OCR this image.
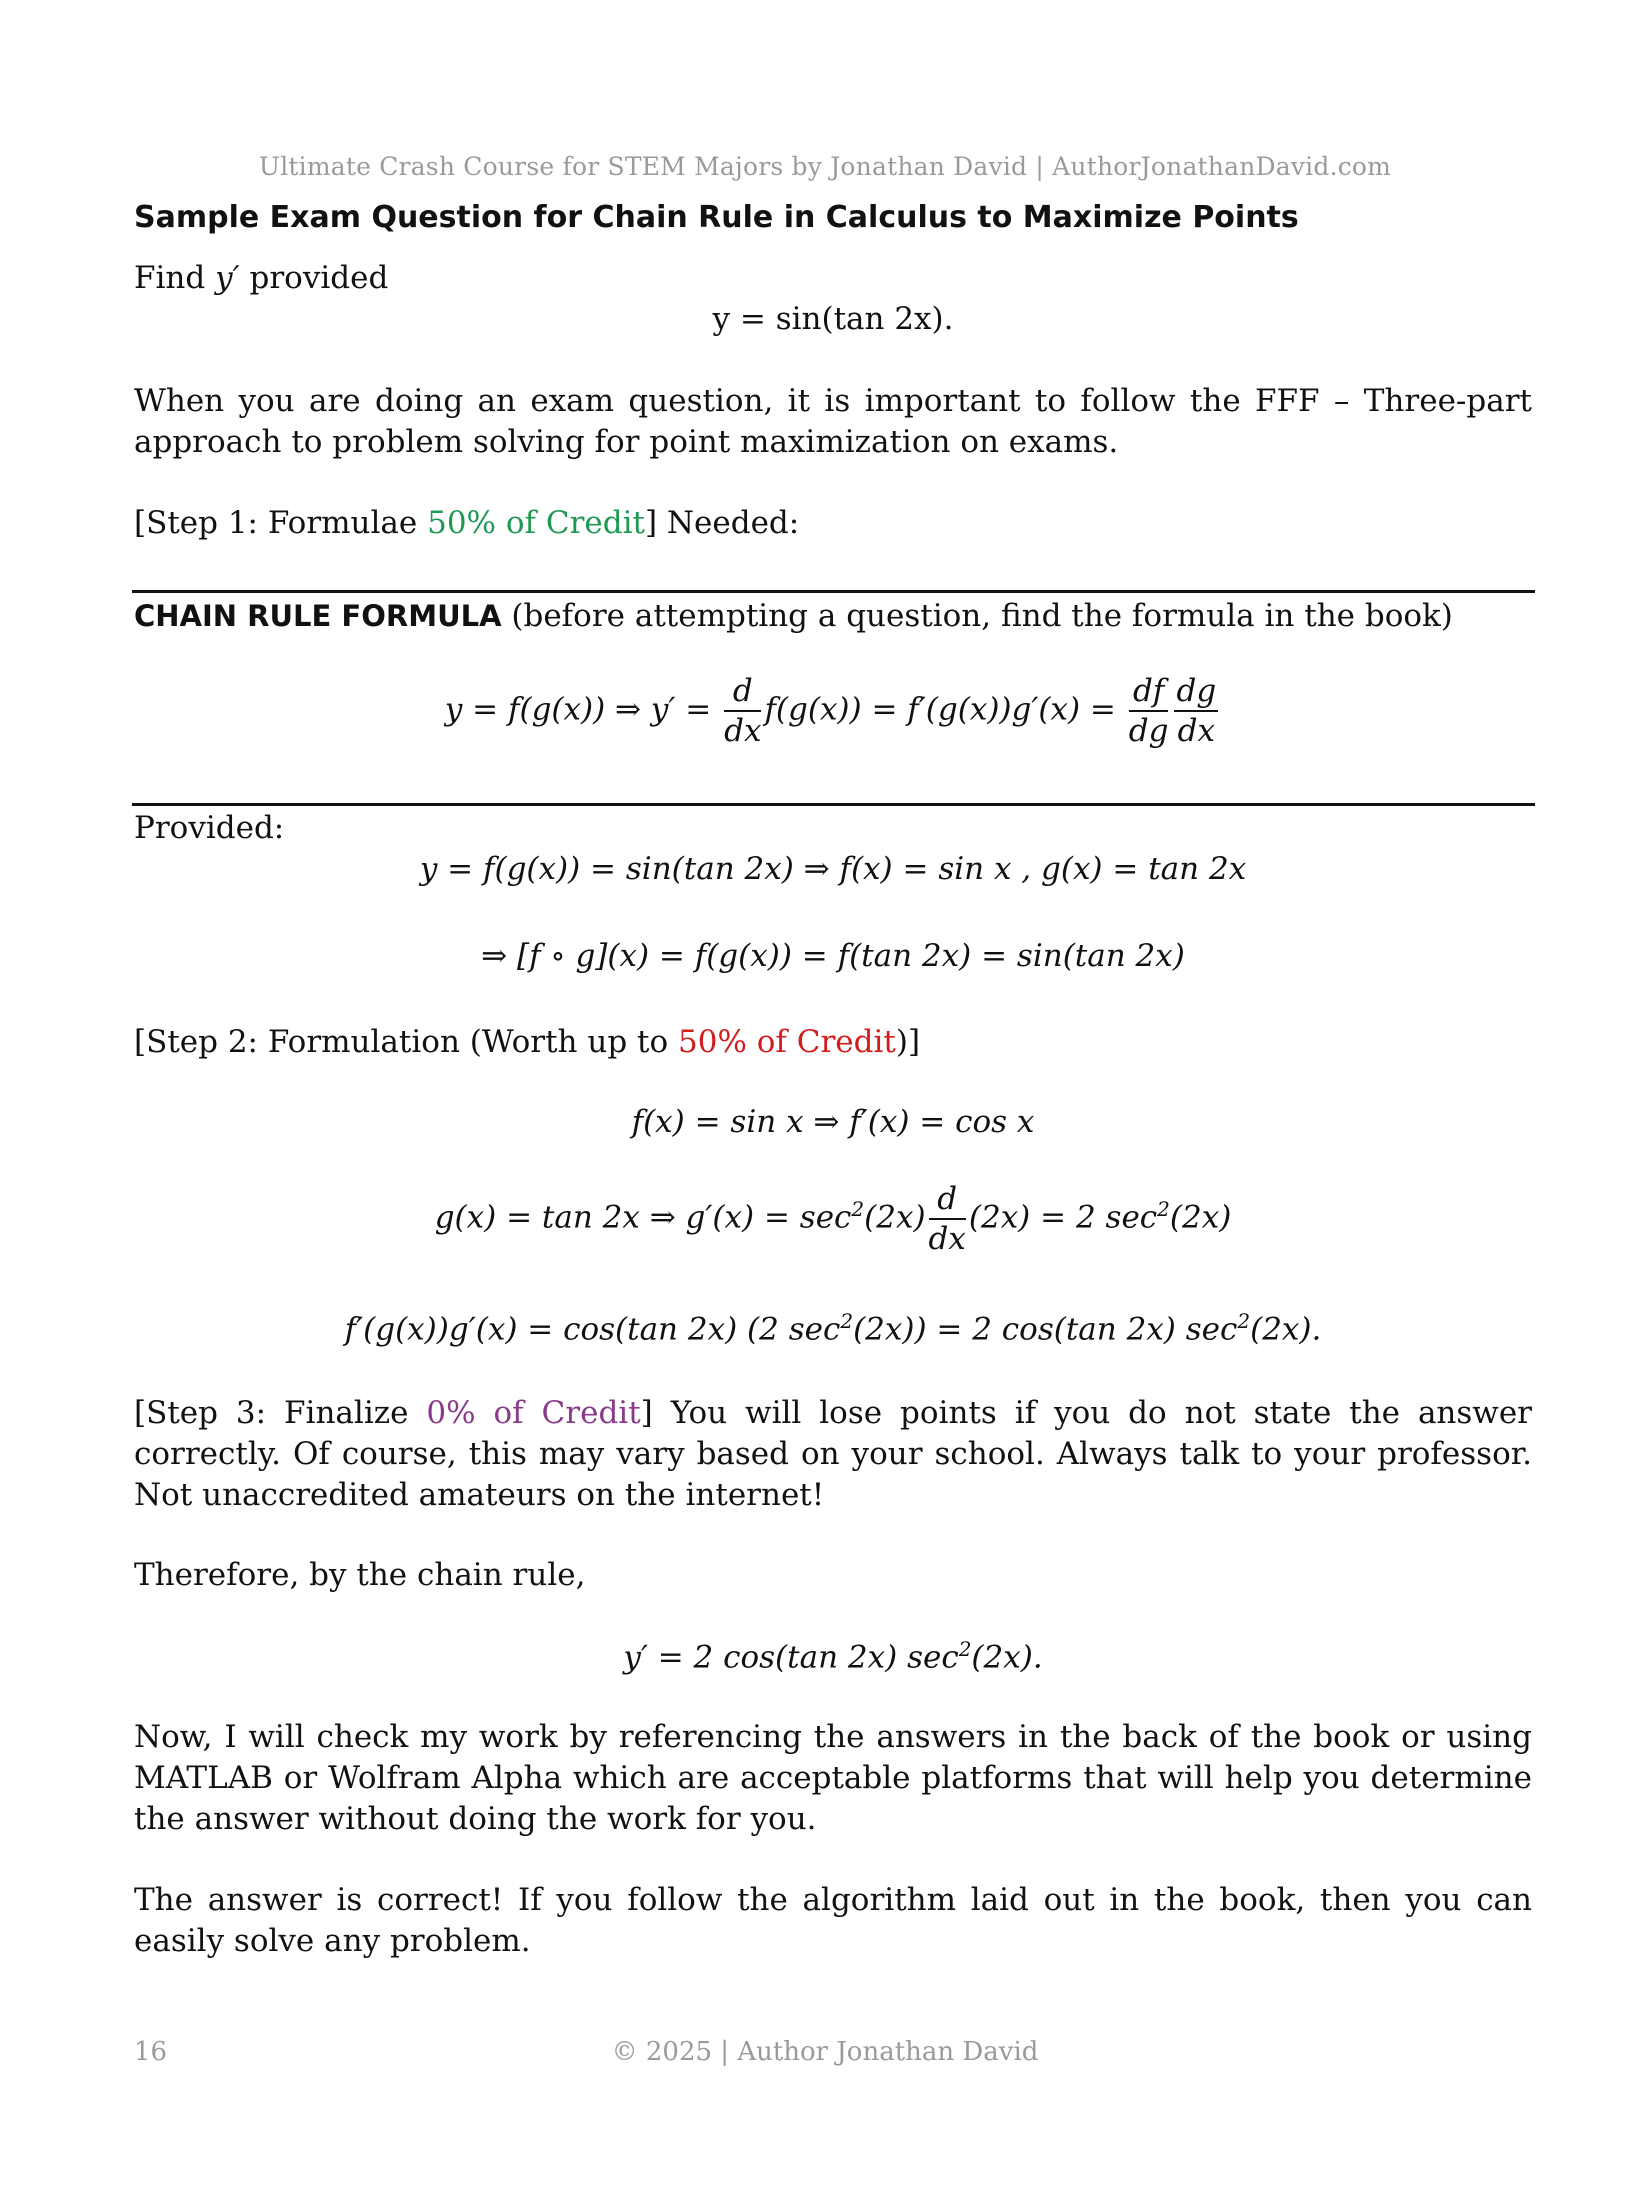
Ultimate Crash Course for STEM Majors by Jonathan David | AuthorJonathanDavid.com
Sample Exam Question for Chain Rule in Calculus to Maximize Points
Find y′ provided
y = sin(tan 2x).
When you are doing an exam question, it is important to follow the FFF – Three-part approach to problem solving for point maximization on exams.
[Step 1: Formulae 50% of Credit] Needed:
CHAIN RULE FORMULA (before attempting a question, find the formula in the book)
y = f(g(x)) ⇒ $y' = \frac{d}{dx} f(g(x)) = f'(g(x))g'(x) = \frac{df}{dg} \frac{dg}{dx}$
Provided:
y = f(g(x)) = sin(tan 2x) ⇒ f(x) = sin x , g(x) = tan 2x
⇒ [f ∘ g](x) = f(g(x)) = f(tan 2x) = sin(tan 2x)
[Step 2: Formulation (Worth up to 50% of Credit)]
f(x) = sin x ⇒ f′(x) = cos x
g(x) = tan 2x ⇒ $g'(x) = \sec^2(2x) \frac{d}{dx} (2x) = 2$ $\sec^2(2x)$
f′(g(x))g′(x) = cos(tan 2x) (2 $\sec^2(2x)) = 2$ cos(tan 2x) $\sec^2(2x)$.
[Step 3: Finalize 0% of Credit] You will lose points if you do not state the answer correctly. Of course, this may vary based on your school. Always talk to your professor. Not unaccredited amateurs on the internet!
Therefore, by the chain rule,
y′ = 2 cos(tan 2x) $\sec^2(2x)$.
Now, I will check my work by referencing the answers in the back of the book or using MATLAB or Wolfram Alpha which are acceptable platforms that will help you determine the answer without doing the work for you.
The answer is correct! If you follow the algorithm laid out in the book, then you can easily solve any problem.
16	© 2025 | Author Jonathan David
